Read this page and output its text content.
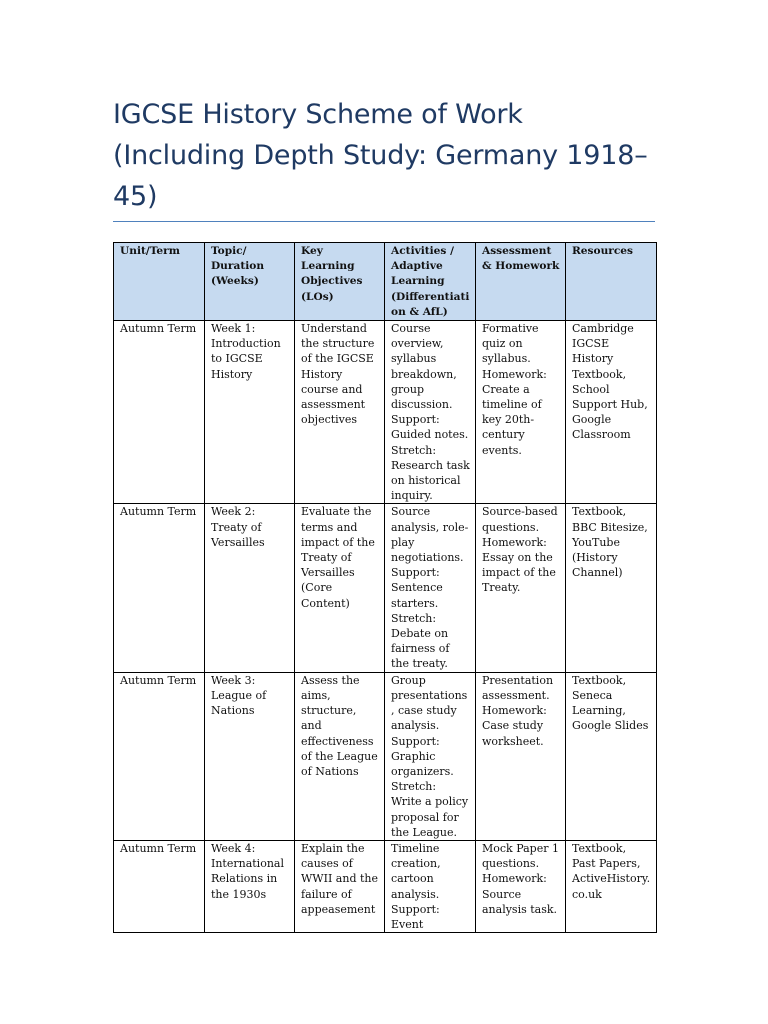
IGCSE History Scheme of Work (Including Depth Study: Germany 1918–45)
Unit/Term	Topic/ Duration (Weeks)	Key Learning Objectives (LOs)	Activities / Adaptive Learning (Differentiation & AfL)	Assessment & Homework	Resources
Autumn Term	Week 1: Introduction to IGCSE History	Understand the structure of the IGCSE History course and assessment objectives	Course overview, syllabus breakdown, group discussion. Support: Guided notes. Stretch: Research task on historical inquiry.	Formative quiz on syllabus. Homework: Create a timeline of key 20th-century events.	Cambridge IGCSE History Textbook, School Support Hub, Google Classroom
Autumn Term	Week 2: Treaty of Versailles	Evaluate the terms and impact of the Treaty of Versailles (Core Content)	Source analysis, role-play negotiations. Support: Sentence starters. Stretch: Debate on fairness of the treaty.	Source-based questions. Homework: Essay on the impact of the Treaty.	Textbook, BBC Bitesize, YouTube (History Channel)
Autumn Term	Week 3: League of Nations	Assess the aims, structure, and effectiveness of the League of Nations	Group presentations, case study analysis. Support: Graphic organizers. Stretch: Write a policy proposal for the League.	Presentation assessment. Homework: Case study worksheet.	Textbook, Seneca Learning, Google Slides
Autumn Term	Week 4: International Relations in the 1930s	Explain the causes of WWII and the failure of appeasement	Timeline creation, cartoon analysis. Support: Event	Mock Paper 1 questions. Homework: Source analysis task.	Textbook, Past Papers, ActiveHistory.co.uk
